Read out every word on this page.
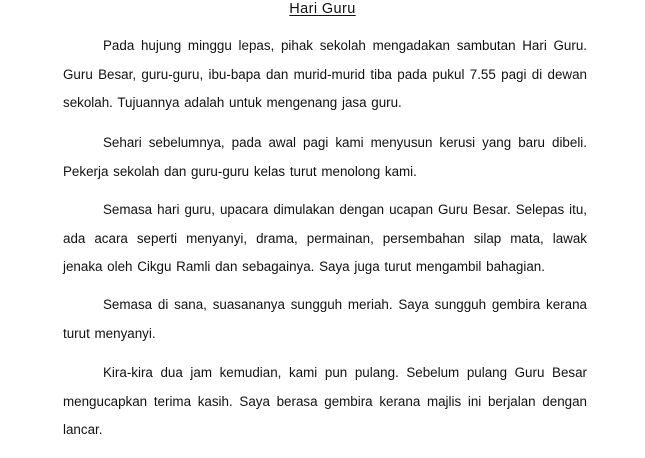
Hari Guru

Pada hujung minggu lepas, pihak sekolah mengadakan sambutan Hari Guru. Guru Besar, guru-guru, ibu-bapa dan murid-murid tiba pada pukul 7.55 pagi di dewan sekolah. Tujuannya adalah untuk mengenang jasa guru.

Sehari sebelumnya, pada awal pagi kami menyusun kerusi yang baru dibeli. Pekerja sekolah dan guru-guru kelas turut menolong kami.

Semasa hari guru, upacara dimulakan dengan ucapan Guru Besar. Selepas itu, ada acara seperti menyanyi, drama, permainan, persembahan silap mata, lawak jenaka oleh Cikgu Ramli dan sebagainya. Saya juga turut mengambil bahagian.

Semasa di sana, suasananya sungguh meriah. Saya sungguh gembira kerana turut menyanyi.

Kira-kira dua jam kemudian, kami pun pulang. Sebelum pulang Guru Besar mengucapkan terima kasih. Saya berasa gembira kerana majlis ini berjalan dengan lancar.
